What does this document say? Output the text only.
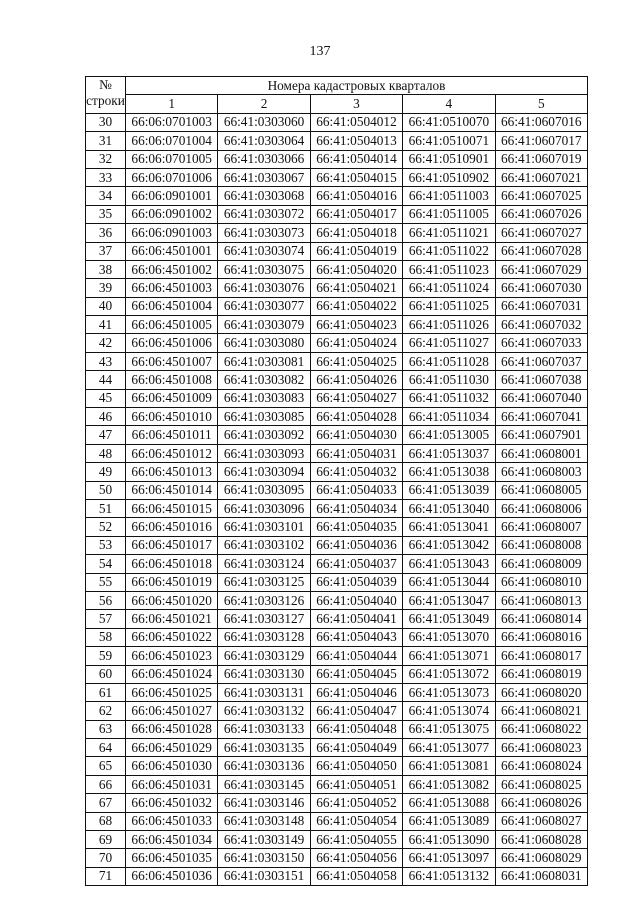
137
№
строки	Номера кадастровых кварталов				
	1	2	3	4	5
30	66:06:0701003	66:41:0303060	66:41:0504012	66:41:0510070	66:41:0607016
31	66:06:0701004	66:41:0303064	66:41:0504013	66:41:0510071	66:41:0607017
32	66:06:0701005	66:41:0303066	66:41:0504014	66:41:0510901	66:41:0607019
33	66:06:0701006	66:41:0303067	66:41:0504015	66:41:0510902	66:41:0607021
34	66:06:0901001	66:41:0303068	66:41:0504016	66:41:0511003	66:41:0607025
35	66:06:0901002	66:41:0303072	66:41:0504017	66:41:0511005	66:41:0607026
36	66:06:0901003	66:41:0303073	66:41:0504018	66:41:0511021	66:41:0607027
37	66:06:4501001	66:41:0303074	66:41:0504019	66:41:0511022	66:41:0607028
38	66:06:4501002	66:41:0303075	66:41:0504020	66:41:0511023	66:41:0607029
39	66:06:4501003	66:41:0303076	66:41:0504021	66:41:0511024	66:41:0607030
40	66:06:4501004	66:41:0303077	66:41:0504022	66:41:0511025	66:41:0607031
41	66:06:4501005	66:41:0303079	66:41:0504023	66:41:0511026	66:41:0607032
42	66:06:4501006	66:41:0303080	66:41:0504024	66:41:0511027	66:41:0607033
43	66:06:4501007	66:41:0303081	66:41:0504025	66:41:0511028	66:41:0607037
44	66:06:4501008	66:41:0303082	66:41:0504026	66:41:0511030	66:41:0607038
45	66:06:4501009	66:41:0303083	66:41:0504027	66:41:0511032	66:41:0607040
46	66:06:4501010	66:41:0303085	66:41:0504028	66:41:0511034	66:41:0607041
47	66:06:4501011	66:41:0303092	66:41:0504030	66:41:0513005	66:41:0607901
48	66:06:4501012	66:41:0303093	66:41:0504031	66:41:0513037	66:41:0608001
49	66:06:4501013	66:41:0303094	66:41:0504032	66:41:0513038	66:41:0608003
50	66:06:4501014	66:41:0303095	66:41:0504033	66:41:0513039	66:41:0608005
51	66:06:4501015	66:41:0303096	66:41:0504034	66:41:0513040	66:41:0608006
52	66:06:4501016	66:41:0303101	66:41:0504035	66:41:0513041	66:41:0608007
53	66:06:4501017	66:41:0303102	66:41:0504036	66:41:0513042	66:41:0608008
54	66:06:4501018	66:41:0303124	66:41:0504037	66:41:0513043	66:41:0608009
55	66:06:4501019	66:41:0303125	66:41:0504039	66:41:0513044	66:41:0608010
56	66:06:4501020	66:41:0303126	66:41:0504040	66:41:0513047	66:41:0608013
57	66:06:4501021	66:41:0303127	66:41:0504041	66:41:0513049	66:41:0608014
58	66:06:4501022	66:41:0303128	66:41:0504043	66:41:0513070	66:41:0608016
59	66:06:4501023	66:41:0303129	66:41:0504044	66:41:0513071	66:41:0608017
60	66:06:4501024	66:41:0303130	66:41:0504045	66:41:0513072	66:41:0608019
61	66:06:4501025	66:41:0303131	66:41:0504046	66:41:0513073	66:41:0608020
62	66:06:4501027	66:41:0303132	66:41:0504047	66:41:0513074	66:41:0608021
63	66:06:4501028	66:41:0303133	66:41:0504048	66:41:0513075	66:41:0608022
64	66:06:4501029	66:41:0303135	66:41:0504049	66:41:0513077	66:41:0608023
65	66:06:4501030	66:41:0303136	66:41:0504050	66:41:0513081	66:41:0608024
66	66:06:4501031	66:41:0303145	66:41:0504051	66:41:0513082	66:41:0608025
67	66:06:4501032	66:41:0303146	66:41:0504052	66:41:0513088	66:41:0608026
68	66:06:4501033	66:41:0303148	66:41:0504054	66:41:0513089	66:41:0608027
69	66:06:4501034	66:41:0303149	66:41:0504055	66:41:0513090	66:41:0608028
70	66:06:4501035	66:41:0303150	66:41:0504056	66:41:0513097	66:41:0608029
71	66:06:4501036	66:41:0303151	66:41:0504058	66:41:0513132	66:41:0608031
